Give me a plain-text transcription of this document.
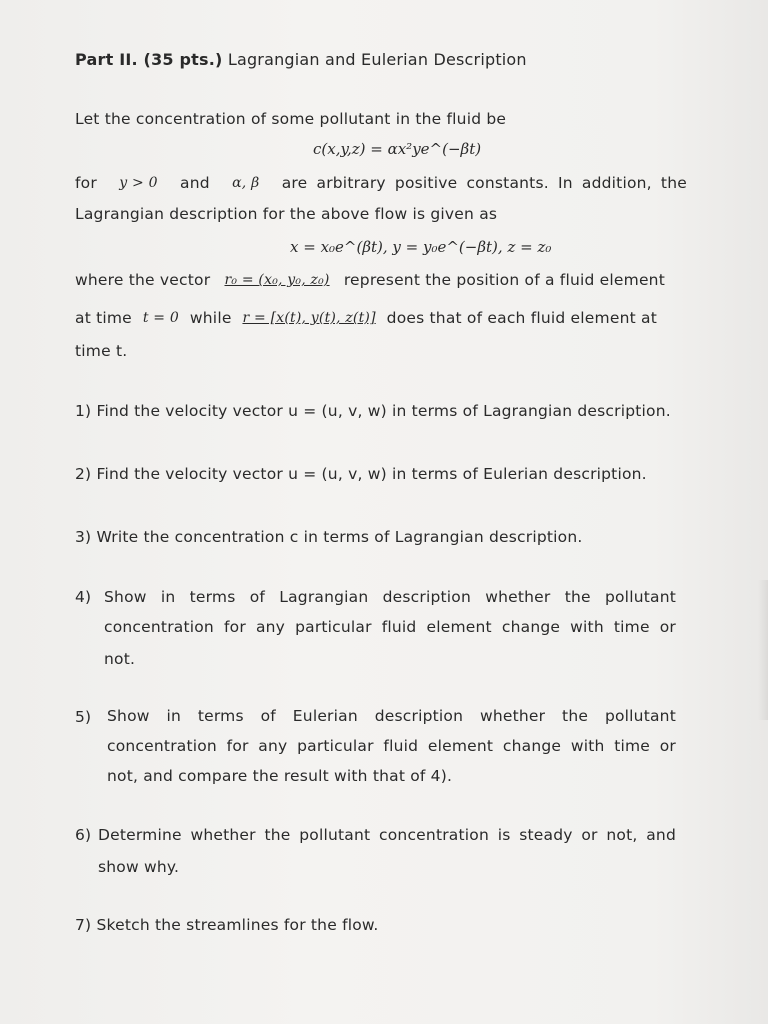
Part II. (35 pts.) Lagrangian and Eulerian Description
Let the concentration of some pollutant in the fluid be
c(x,y,z) = αx²ye^(−βt)
for y > 0 and α, β are arbitrary positive constants. In addition, the
Lagrangian description for the above flow is given as
x = x₀e^(βt), y = y₀e^(−βt), z = z₀
where the vector r₀ = (x₀, y₀, z₀) represent the position of a fluid element
at time t = 0 while r = [x(t), y(t), z(t)] does that of each fluid element at
time t.
1) Find the velocity vector u = (u, v, w) in terms of Lagrangian description.
2) Find the velocity vector u = (u, v, w) in terms of Eulerian description.
3) Write the concentration c in terms of Lagrangian description.
4) Show in terms of Lagrangian description whether the pollutant
concentration for any particular fluid element change with time or
not.
5) Show in terms of Eulerian description whether the pollutant
concentration for any particular fluid element change with time or
not, and compare the result with that of 4).
6) Determine whether the pollutant concentration is steady or not, and
show why.
7) Sketch the streamlines for the flow.
